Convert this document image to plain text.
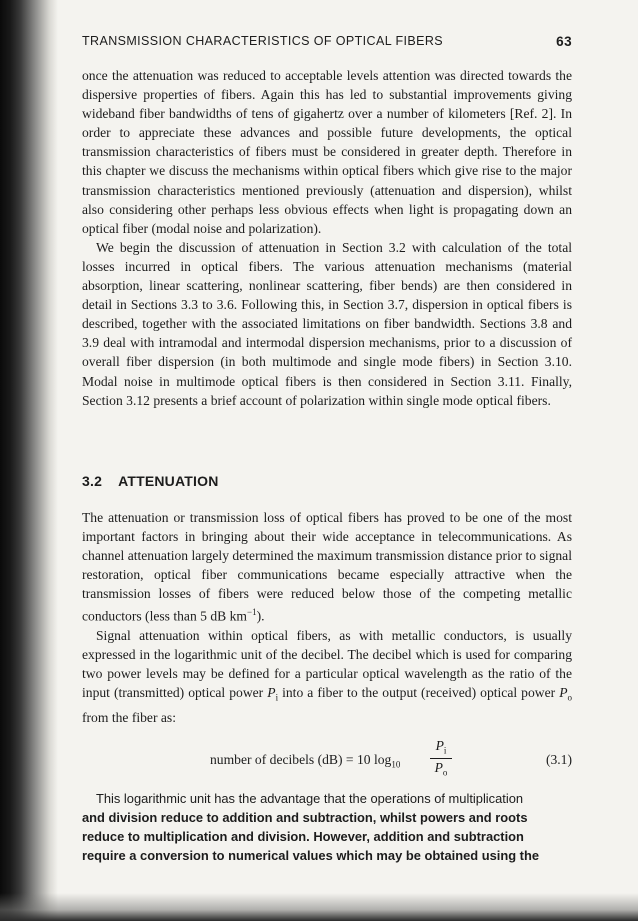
TRANSMISSION CHARACTERISTICS OF OPTICAL FIBERS	63

once the attenuation was reduced to acceptable levels attention was directed towards the dispersive properties of fibers. Again this has led to substantial improvements giving wideband fiber bandwidths of tens of gigahertz over a number of kilometers [Ref. 2]. In order to appreciate these advances and possible future developments, the optical transmission characteristics of fibers must be considered in greater depth. Therefore in this chapter we discuss the mechanisms within optical fibers which give rise to the major transmission characteristics mentioned previously (attenuation and dispersion), whilst also considering other perhaps less obvious effects when light is propagating down an optical fiber (modal noise and polarization).

We begin the discussion of attenuation in Section 3.2 with calculation of the total losses incurred in optical fibers. The various attenuation mechanisms (material absorption, linear scattering, nonlinear scattering, fiber bends) are then considered in detail in Sections 3.3 to 3.6. Following this, in Section 3.7, dispersion in optical fibers is described, together with the associated limitations on fiber bandwidth. Sections 3.8 and 3.9 deal with intramodal and intermodal dispersion mechanisms, prior to a discussion of overall fiber dispersion (in both multimode and single mode fibers) in Section 3.10. Modal noise in multimode optical fibers is then considered in Section 3.11. Finally, Section 3.12 presents a brief account of polarization within single mode optical fibers.

3.2 ATTENUATION

The attenuation or transmission loss of optical fibers has proved to be one of the most important factors in bringing about their wide acceptance in telecommunications. As channel attenuation largely determined the maximum transmission distance prior to signal restoration, optical fiber communications became especially attractive when the transmission losses of fibers were reduced below those of the competing metallic conductors (less than 5 dB $km^{-1}$).

Signal attenuation within optical fibers, as with metallic conductors, is usually expressed in the logarithmic unit of the decibel. The decibel which is used for comparing two power levels may be defined for a particular optical wavelength as the ratio of the input (transmitted) optical power $P_i$ into a fiber to the output (received) optical power $P_o$ from the fiber as:

number of decibels (dB) = 10 $\log_{10}$
$P_i$
$P_o$
(3.1)

This logarithmic unit has the advantage that the operations of multiplication

and division reduce to addition and subtraction, whilst powers and roots

reduce to multiplication and division. However, addition and subtraction

require a conversion to numerical values which may be obtained using the
